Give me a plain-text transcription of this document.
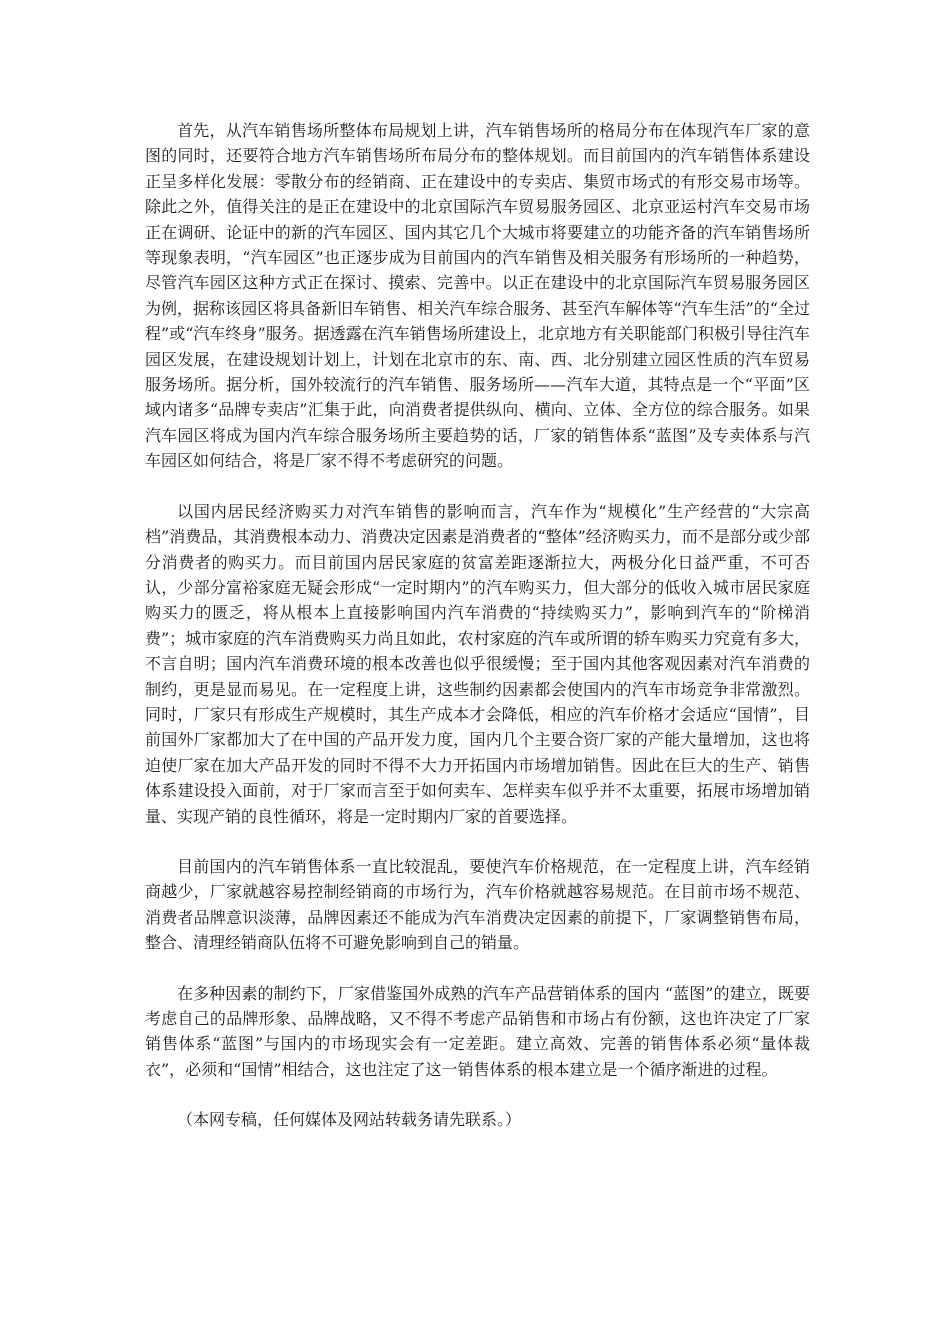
首先，从汽车销售场所整体布局规划上讲，汽车销售场所的格局分布在体现汽车厂家的意图的同时，还要符合地方汽车销售场所布局分布的整体规划。而目前国内的汽车销售体系建设正呈多样化发展：零散分布的经销商、正在建设中的专卖店、集贸市场式的有形交易市场等。除此之外，值得关注的是正在建设中的北京国际汽车贸易服务园区、北京亚运村汽车交易市场正在调研、论证中的新的汽车园区、国内其它几个大城市将要建立的功能齐备的汽车销售场所等现象表明，“汽车园区”也正逐步成为目前国内的汽车销售及相关服务有形场所的一种趋势，尽管汽车园区这种方式正在探讨、摸索、完善中。以正在建设中的北京国际汽车贸易服务园区为例，据称该园区将具备新旧车销售、相关汽车综合服务、甚至汽车解体等“汽车生活”的“全过程”或“汽车终身”服务。据透露在汽车销售场所建设上，北京地方有关职能部门积极引导往汽车园区发展，在建设规划计划上，计划在北京市的东、南、西、北分别建立园区性质的汽车贸易服务场所。据分析，国外较流行的汽车销售、服务场所——汽车大道，其特点是一个“平面”区域内诸多“品牌专卖店”汇集于此，向消费者提供纵向、横向、立体、全方位的综合服务。如果汽车园区将成为国内汽车综合服务场所主要趋势的话，厂家的销售体系“蓝图”及专卖体系与汽车园区如何结合，将是厂家不得不考虑研究的问题。

以国内居民经济购买力对汽车销售的影响而言，汽车作为“规模化”生产经营的“大宗高档”消费品，其消费根本动力、消费决定因素是消费者的“整体”经济购买力，而不是部分或少部分消费者的购买力。而目前国内居民家庭的贫富差距逐渐拉大，两极分化日益严重，不可否认，少部分富裕家庭无疑会形成“一定时期内”的汽车购买力，但大部分的低收入城市居民家庭购买力的匮乏，将从根本上直接影响国内汽车消费的“持续购买力”，影响到汽车的“阶梯消费”；城市家庭的汽车消费购买力尚且如此，农村家庭的汽车或所谓的轿车购买力究竟有多大，不言自明；国内汽车消费环境的根本改善也似乎很缓慢；至于国内其他客观因素对汽车消费的制约，更是显而易见。在一定程度上讲，这些制约因素都会使国内的汽车市场竞争非常激烈。同时，厂家只有形成生产规模时，其生产成本才会降低，相应的汽车价格才会适应“国情”，目前国外厂家都加大了在中国的产品开发力度，国内几个主要合资厂家的产能大量增加，这也将迫使厂家在加大产品开发的同时不得不大力开拓国内市场增加销售。因此在巨大的生产、销售体系建设投入面前，对于厂家而言至于如何卖车、怎样卖车似乎并不太重要，拓展市场增加销量、实现产销的良性循环，将是一定时期内厂家的首要选择。

目前国内的汽车销售体系一直比较混乱，要使汽车价格规范，在一定程度上讲，汽车经销商越少，厂家就越容易控制经销商的市场行为，汽车价格就越容易规范。在目前市场不规范、消费者品牌意识淡薄，品牌因素还不能成为汽车消费决定因素的前提下，厂家调整销售布局，整合、清理经销商队伍将不可避免影响到自己的销量。

在多种因素的制约下，厂家借鉴国外成熟的汽车产品营销体系的国内 “蓝图”的建立，既要考虑自己的品牌形象、品牌战略，又不得不考虑产品销售和市场占有份额，这也许决定了厂家销售体系“蓝图”与国内的市场现实会有一定差距。建立高效、完善的销售体系必须“量体裁衣”，必须和“国情”相结合，这也注定了这一销售体系的根本建立是一个循序渐进的过程。

（本网专稿，任何媒体及网站转载务请先联系。）
